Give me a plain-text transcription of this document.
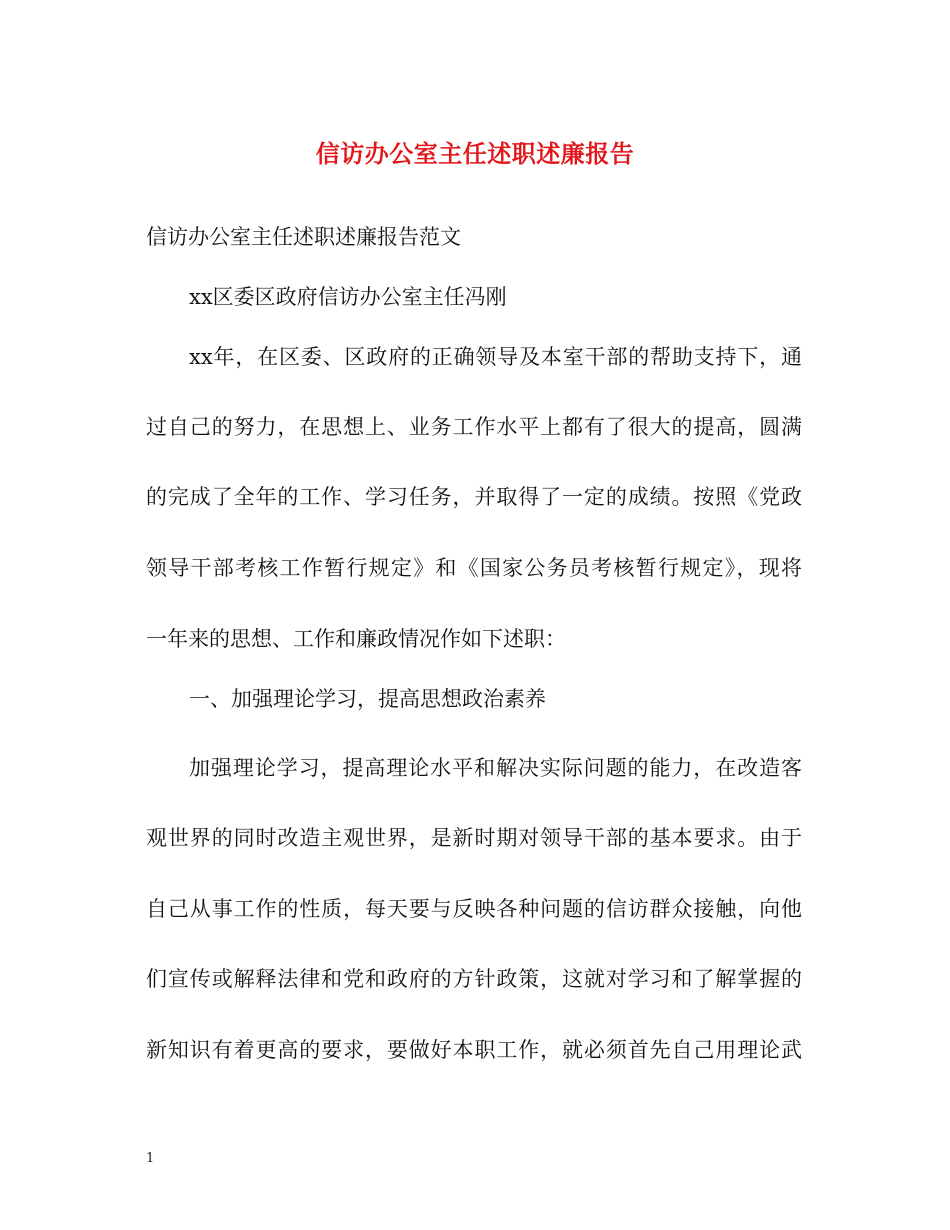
信访办公室主任述职述廉报告
信访办公室主任述职述廉报告范文
xx区委区政府信访办公室主任冯刚
xx年，在区委、区政府的正确领导及本室干部的帮助支持下，通
过自己的努力，在思想上、业务工作水平上都有了很大的提高，圆满
的完成了全年的工作、学习任务，并取得了一定的成绩。按照《党政
领导干部考核工作暂行规定》和《国家公务员考核暂行规定》，现将
一年来的思想、工作和廉政情况作如下述职：
一、加强理论学习，提高思想政治素养
加强理论学习，提高理论水平和解决实际问题的能力，在改造客
观世界的同时改造主观世界，是新时期对领导干部的基本要求。由于
自己从事工作的性质，每天要与反映各种问题的信访群众接触，向他
们宣传或解释法律和党和政府的方针政策，这就对学习和了解掌握的
新知识有着更高的要求，要做好本职工作，就必须首先自己用理论武
1
